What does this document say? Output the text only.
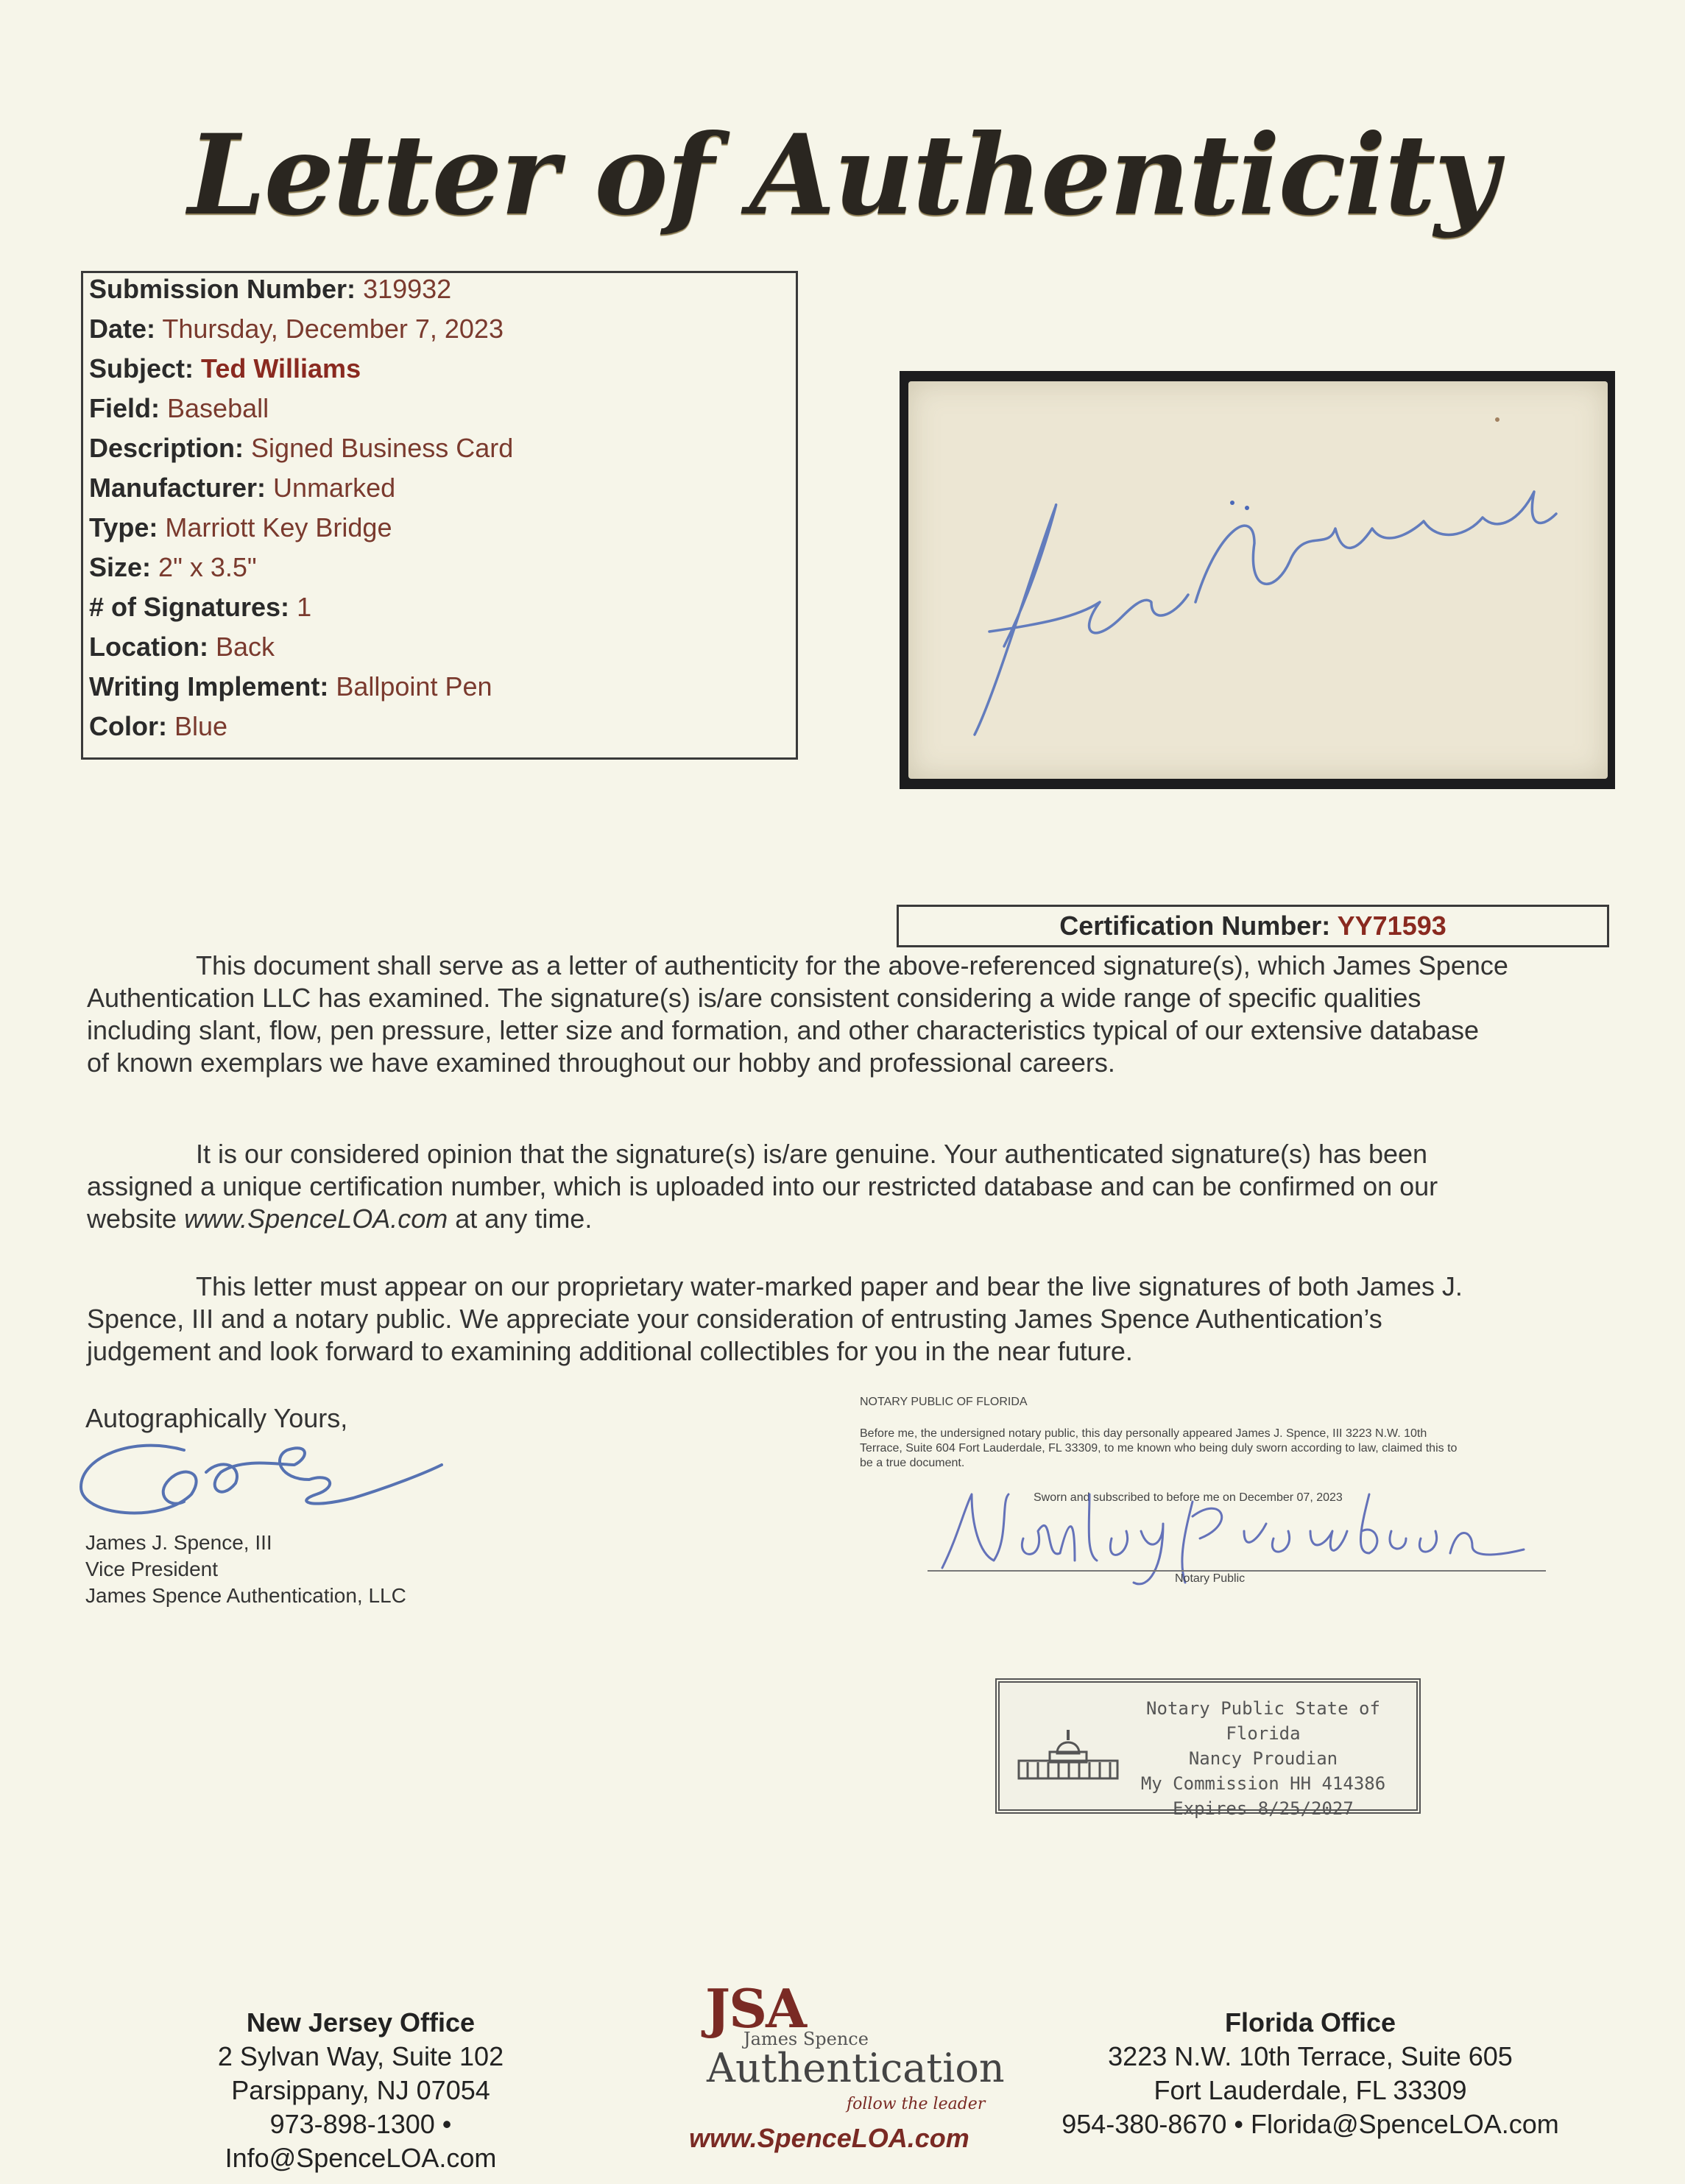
Letter of Authenticity
Submission Number: 319932
Date: Thursday, December 7, 2023
Subject: Ted Williams
Field: Baseball
Description: Signed Business Card
Manufacturer: Unmarked
Type: Marriott Key Bridge
Size: 2" x 3.5"
# of Signatures: 1
Location: Back
Writing Implement: Ballpoint Pen
Color: Blue
Certification Number: YY71593
This document shall serve as a letter of authenticity for the above-referenced signature(s), which James Spence
Authentication LLC has examined. The signature(s) is/are consistent considering a wide range of specific qualities
including slant, flow, pen pressure, letter size and formation, and other characteristics typical of our extensive database
of known exemplars we have examined throughout our hobby and professional careers.
It is our considered opinion that the signature(s) is/are genuine. Your authenticated signature(s) has been
assigned a unique certification number, which is uploaded into our restricted database and can be confirmed on our
website www.SpenceLOA.com at any time.
This letter must appear on our proprietary water-marked paper and bear the live signatures of both James J.
Spence, III and a notary public. We appreciate your consideration of entrusting James Spence Authentication’s
judgement and look forward to examining additional collectibles for you in the near future.
Autographically Yours,
James J. Spence, III
Vice President
James Spence Authentication, LLC
NOTARY PUBLIC OF FLORIDA
Before me, the undersigned notary public, this day personally appeared James J. Spence, III 3223 N.W. 10th
Terrace, Suite 604 Fort Lauderdale, FL 33309, to me known who being duly sworn according to law, claimed this to
be a true document.
Sworn and subscribed to before me on December 07, 2023
Notary Public
Notary Public State of Florida
Nancy Proudian
My Commission HH 414386
Expires 8/25/2027
New Jersey Office
2 Sylvan Way, Suite 102
Parsippany, NJ 07054
973-898-1300 • Info@SpenceLOA.com
JSA
James Spence
Authentication
follow the leader
www.SpenceLOA.com
Florida Office
3223 N.W. 10th Terrace, Suite 605
Fort Lauderdale, FL 33309
954-380-8670 • Florida@SpenceLOA.com
